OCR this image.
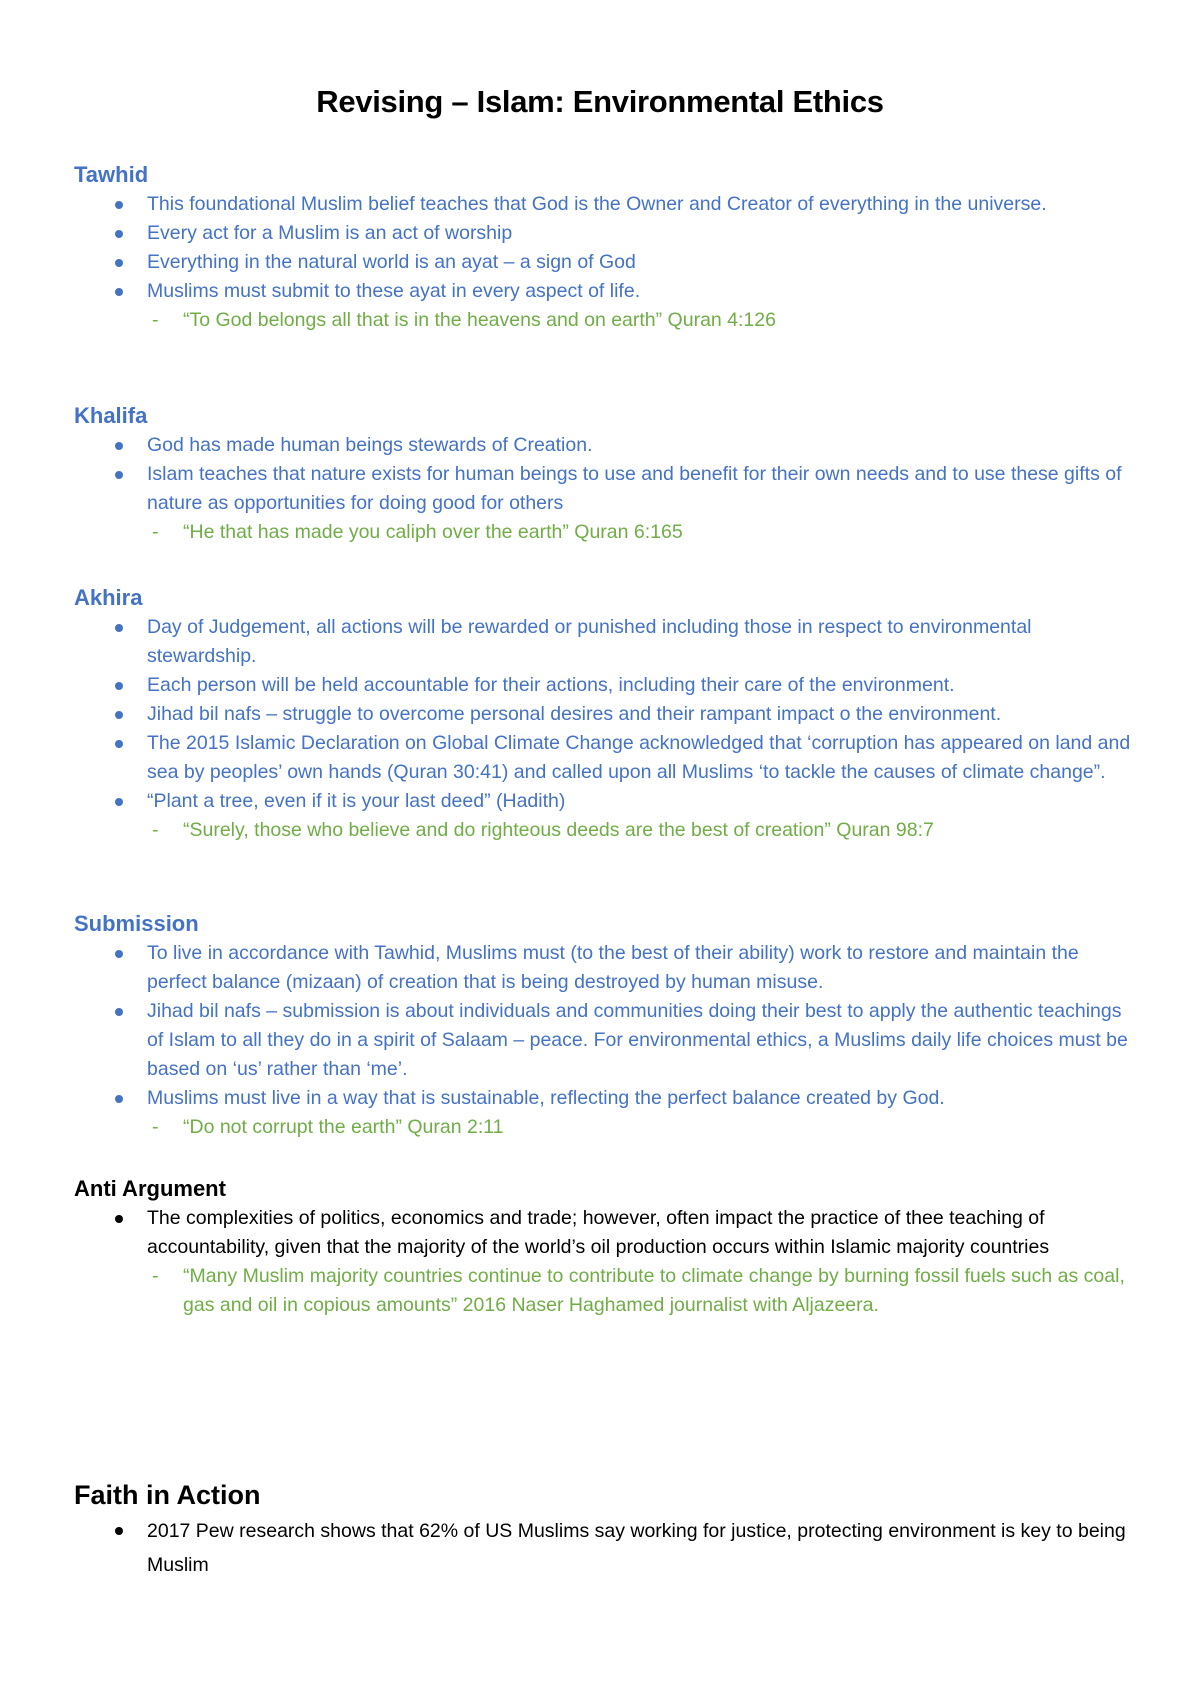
Revising – Islam: Environmental Ethics
Tawhid
This foundational Muslim belief teaches that God is the Owner and Creator of everything in the universe.
Every act for a Muslim is an act of worship
Everything in the natural world is an ayat – a sign of God
Muslims must submit to these ayat in every aspect of life.
- “To God belongs all that is in the heavens and on earth” Quran 4:126
Khalifa
God has made human beings stewards of Creation.
Islam teaches that nature exists for human beings to use and benefit for their own needs and to use these gifts of nature as opportunities for doing good for others
- “He that has made you caliph over the earth” Quran 6:165
Akhira
Day of Judgement, all actions will be rewarded or punished including those in respect to environmental stewardship.
Each person will be held accountable for their actions, including their care of the environment.
Jihad bil nafs – struggle to overcome personal desires and their rampant impact o the environment.
The 2015 Islamic Declaration on Global Climate Change acknowledged that ‘corruption has appeared on land and sea by peoples’ own hands (Quran 30:41) and called upon all Muslims ‘to tackle the causes of climate change”.
“Plant a tree, even if it is your last deed” (Hadith)
- “Surely, those who believe and do righteous deeds are the best of creation” Quran 98:7
Submission
To live in accordance with Tawhid, Muslims must (to the best of their ability) work to restore and maintain the perfect balance (mizaan) of creation that is being destroyed by human misuse.
Jihad bil nafs – submission is about individuals and communities doing their best to apply the authentic teachings of Islam to all they do in a spirit of Salaam – peace. For environmental ethics, a Muslims daily life choices must be based on ‘us’ rather than ‘me’.
Muslims must live in a way that is sustainable, reflecting the perfect balance created by God.
- “Do not corrupt the earth” Quran 2:11
Anti Argument
The complexities of politics, economics and trade; however, often impact the practice of thee teaching of accountability, given that the majority of the world’s oil production occurs within Islamic majority countries
- “Many Muslim majority countries continue to contribute to climate change by burning fossil fuels such as coal, gas and oil in copious amounts” 2016 Naser Haghamed journalist with Aljazeera.
Faith in Action
2017 Pew research shows that 62% of US Muslims say working for justice, protecting environment is key to being Muslim
